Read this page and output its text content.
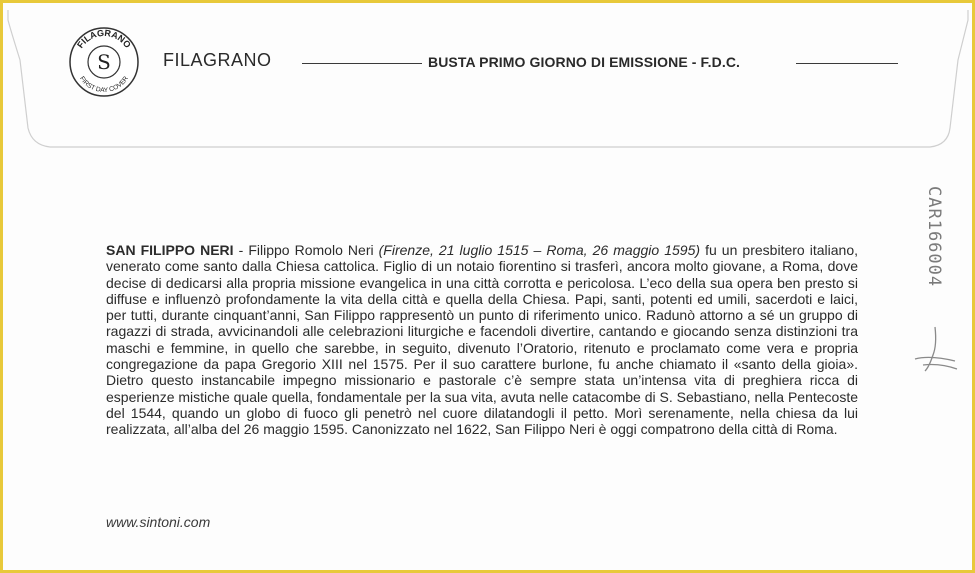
FILAGRANO
S
FIRST DAY COVER
FILAGRANO	BUSTA PRIMO GIORNO DI EMISSIONE - F.D.C.
SAN FILIPPO NERI - Filippo Romolo Neri (Firenze, 21 luglio 1515 – Roma, 26 maggio 1595) fu un presbitero italiano, venerato come santo dalla Chiesa cattolica. Figlio di un notaio fiorentino si trasferì, ancora molto giovane, a Roma, dove decise di dedicarsi alla propria missione evangelica in una città corrotta e pericolosa. L’eco della sua opera ben presto si diffuse e influenzò profondamente la vita della città e quella della Chiesa. Papi, santi, potenti ed umili, sacerdoti e laici, per tutti, durante cinquant’anni, San Filippo rappresentò un punto di riferimento unico. Radunò attorno a sé un gruppo di ragazzi di strada, avvicinandoli alle celebrazioni liturgiche e facendoli divertire, cantando e giocando senza distinzioni tra maschi e femmine, in quello che sarebbe, in seguito, divenuto l’Oratorio, ritenuto e proclamato come vera e propria congregazione da papa Gregorio XIII nel 1575. Per il suo carattere burlone, fu anche chiamato il «santo della gioia». Dietro questo instancabile impegno missionario e pastorale c’è sempre stata un’intensa vita di preghiera ricca di esperienze mistiche quale quella, fondamentale per la sua vita, avuta nelle catacombe di S. Sebastiano, nella Pentecoste del 1544, quando un globo di fuoco gli penetrò nel cuore dilatandogli il petto. Morì serenamente, nella chiesa da lui realizzata, all’alba del 26 maggio 1595. Canonizzato nel 1622, San Filippo Neri è oggi compatrono della città di Roma.
www.sintoni.com
CAR166004
